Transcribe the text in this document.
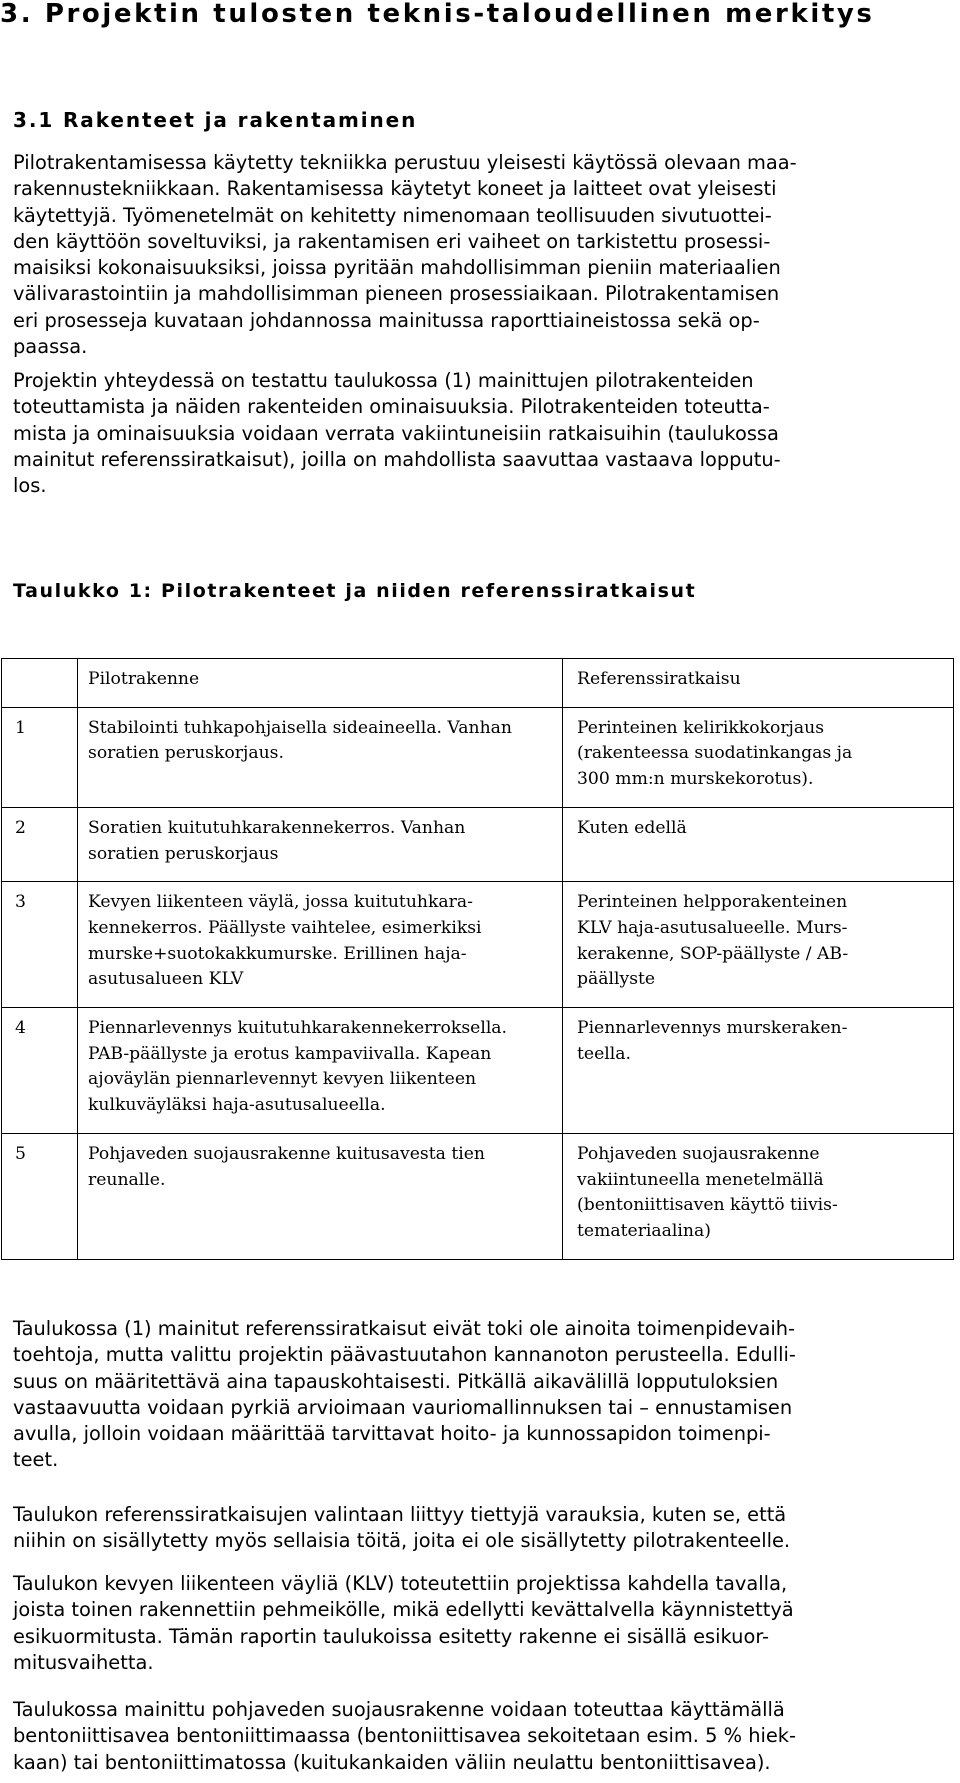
3. Projektin tulosten teknis-taloudellinen merkitys
3.1 Rakenteet ja rakentaminen
Pilotrakentamisessa käytetty tekniikka perustuu yleisesti käytössä olevaan maa-
rakennustekniikkaan. Rakentamisessa käytetyt koneet ja laitteet ovat yleisesti
käytettyjä. Työmenetelmät on kehitetty nimenomaan teollisuuden sivutuottei-
den käyttöön soveltuviksi, ja rakentamisen eri vaiheet on tarkistettu prosessi-
maisiksi kokonaisuuksiksi, joissa pyritään mahdollisimman pieniin materiaalien
välivarastointiin ja mahdollisimman pieneen prosessiaikaan. Pilotrakentamisen
eri prosesseja kuvataan johdannossa mainitussa raporttiaineistossa sekä op-
paassa.
Projektin yhteydessä on testattu taulukossa (1) mainittujen pilotrakenteiden
toteuttamista ja näiden rakenteiden ominaisuuksia. Pilotrakenteiden toteutta-
mista ja ominaisuuksia voidaan verrata vakiintuneisiin ratkaisuihin (taulukossa
mainitut referenssiratkaisut), joilla on mahdollista saavuttaa vastaava lopputu-
los.
Taulukko 1: Pilotrakenteet ja niiden referenssiratkaisut
	Pilotrakenne	Referenssiratkaisu
1	Stabilointi tuhkapohjaisella sideaineella. Vanhan
soratien peruskorjaus.	Perinteinen kelirikkokorjaus
(rakenteessa suodatinkangas ja
300 mm:n murskekorotus).

2	Soratien kuitutuhkarakennekerros. Vanhan
soratien peruskorjaus	Kuten edellä

3	Kevyen liikenteen väylä, jossa kuitutuhkara-
kennekerros. Päällyste vaihtelee, esimerkiksi
murske+suotokakkumurske. Erillinen haja-
asutusalueen KLV	Perinteinen helpporakenteinen
KLV haja-asutusalueelle. Murs-
kerakenne, SOP-päällyste / AB-
päällyste

4	Piennarlevennys kuitutuhkarakennekerroksella.
PAB-päällyste ja erotus kampaviivalla. Kapean
ajoväylän piennarlevennyt kevyen liikenteen
kulkuväyläksi haja-asutusalueella.	Piennarlevennys murskeraken-
teella.

5	Pohjaveden suojausrakenne kuitusavesta tien
reunalle.	Pohjaveden suojausrakenne
vakiintuneella menetelmällä
(bentoniittisaven käyttö tiivis-
temateriaalina)
Taulukossa (1) mainitut referenssiratkaisut eivät toki ole ainoita toimenpidevaih-
toehtoja, mutta valittu projektin päävastuutahon kannanoton perusteella. Edulli-
suus on määritettävä aina tapauskohtaisesti. Pitkällä aikavälillä lopputuloksien
vastaavuutta voidaan pyrkiä arvioimaan vauriomallinnuksen tai – ennustamisen
avulla, jolloin voidaan määrittää tarvittavat hoito- ja kunnossapidon toimenpi-
teet.
Taulukon referenssiratkaisujen valintaan liittyy tiettyjä varauksia, kuten se, että
niihin on sisällytetty myös sellaisia töitä, joita ei ole sisällytetty pilotrakenteelle.
Taulukon kevyen liikenteen väyliä (KLV) toteutettiin projektissa kahdella tavalla,
joista toinen rakennettiin pehmeikölle, mikä edellytti kevättalvella käynnistettyä
esikuormitusta. Tämän raportin taulukoissa esitetty rakenne ei sisällä esikuor-
mitusvaihetta.
Taulukossa mainittu pohjaveden suojausrakenne voidaan toteuttaa käyttämällä
bentoniittisavea bentoniittimaassa (bentoniittisavea sekoitetaan esim. 5 % hiek-
kaan) tai bentoniittimatossa (kuitukankaiden väliin neulattu bentoniittisavea).
